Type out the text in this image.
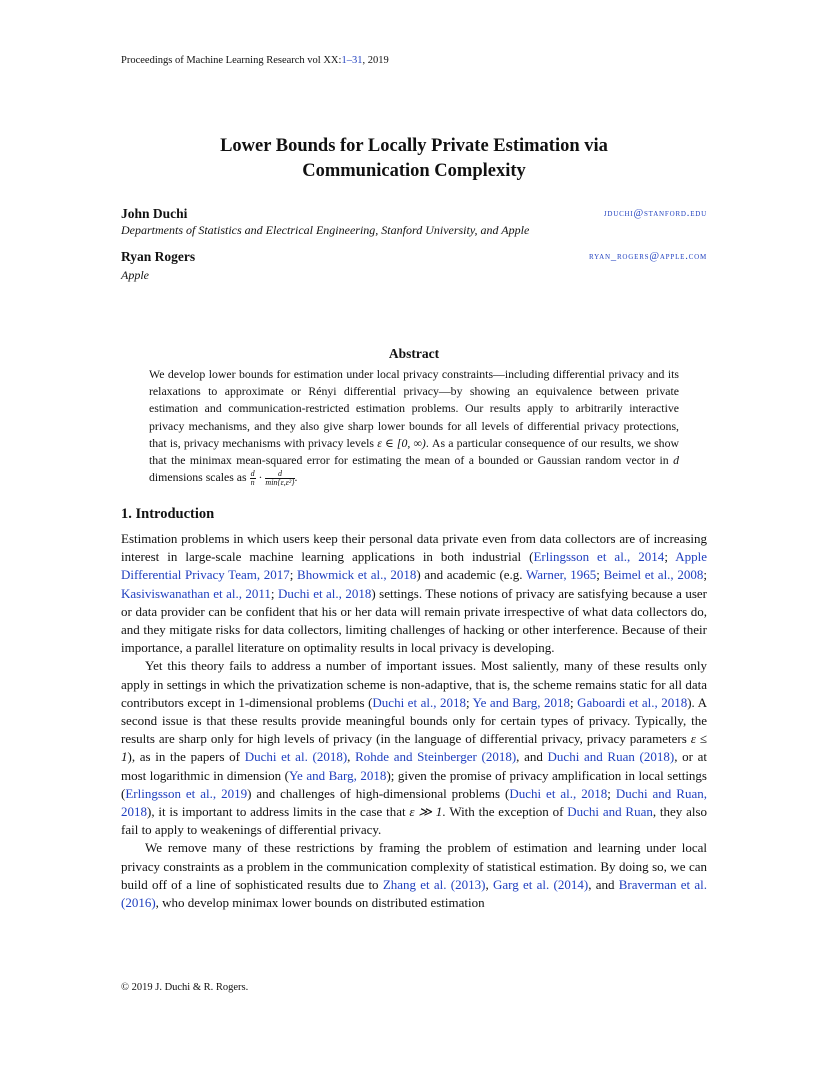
Proceedings of Machine Learning Research vol XX:1–31, 2019
Lower Bounds for Locally Private Estimation via
Communication Complexity
John Duchi	jduchi@stanford.edu
Departments of Statistics and Electrical Engineering, Stanford University, and Apple
Ryan Rogers	ryan_rogers@apple.com
Apple
Abstract
We develop lower bounds for estimation under local privacy constraints—including differential privacy and its relaxations to approximate or Rényi differential privacy—by showing an equivalence between private estimation and communication-restricted estimation problems. Our results apply to arbitrarily interactive privacy mechanisms, and they also give sharp lower bounds for all levels of differential privacy protections, that is, privacy mechanisms with privacy levels ε ∈ [0, ∞). As a particular consequence of our results, we show that the minimax mean-squared error for estimating the mean of a bounded or Gaussian random vector in d dimensions scales as $\frac{d}{n} \cdot \frac{d}{\text{min\{ε,ε²\}}}$ .
1. Introduction

Estimation problems in which users keep their personal data private even from data collectors are of increasing interest in large-scale machine learning applications in both industrial (Erlingsson et al., 2014; Apple Differential Privacy Team, 2017; Bhowmick et al., 2018) and academic (e.g. Warner, 1965; Beimel et al., 2008; Kasiviswanathan et al., 2011; Duchi et al., 2018) settings. These notions of privacy are satisfying because a user or data provider can be confident that his or her data will remain private irrespective of what data collectors do, and they mitigate risks for data collectors, limiting challenges of hacking or other interference. Because of their importance, a parallel literature on optimality results in local privacy is developing.

Yet this theory fails to address a number of important issues. Most saliently, many of these results only apply in settings in which the privatization scheme is non-adaptive, that is, the scheme remains static for all data contributors except in 1-dimensional problems (Duchi et al., 2018; Ye and Barg, 2018; Gaboardi et al., 2018). A second issue is that these results provide meaningful bounds only for certain types of privacy. Typically, the results are sharp only for high levels of privacy (in the language of differential privacy, privacy parameters ε ≤ 1), as in the papers of Duchi et al. (2018), Rohde and Steinberger (2018), and Duchi and Ruan (2018), or at most logarithmic in dimension (Ye and Barg, 2018); given the promise of privacy amplification in local settings (Erlingsson et al., 2019) and challenges of high-dimensional problems (Duchi et al., 2018; Duchi and Ruan, 2018), it is important to address limits in the case that ε ≫ 1. With the exception of Duchi and Ruan, they also fail to apply to weakenings of differential privacy.

We remove many of these restrictions by framing the problem of estimation and learning under local privacy constraints as a problem in the communication complexity of statistical estimation. By doing so, we can build off of a line of sophisticated results due to Zhang et al. (2013), Garg et al. (2014), and Braverman et al. (2016), who develop minimax lower bounds on distributed estimation

© 2019 J. Duchi & R. Rogers.
